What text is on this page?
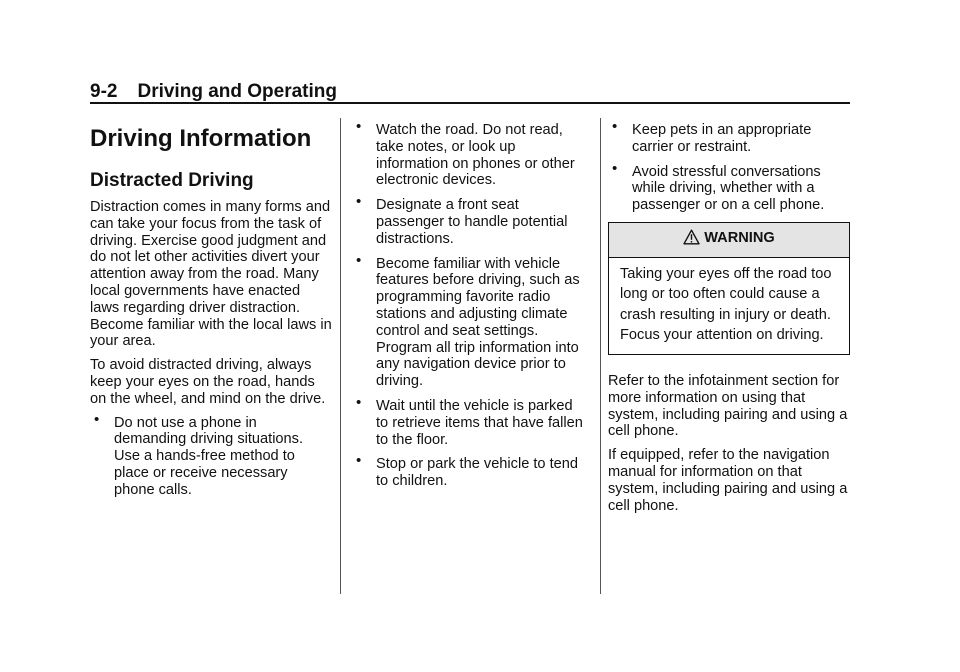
9-2 Driving and Operating
Driving Information
Distracted Driving

Distraction comes in many forms and can take your focus from the task of driving. Exercise good judgment and do not let other activities divert your attention away from the road. Many local governments have enacted laws regarding driver distraction. Become familiar with the local laws in your area.

To avoid distracted driving, always keep your eyes on the road, hands on the wheel, and mind on the drive.

• Do not use a phone in demanding driving situations. Use a hands-free method to place or receive necessary phone calls.
• Watch the road. Do not read, take notes, or look up information on phones or other electronic devices.
• Designate a front seat passenger to handle potential distractions.
• Become familiar with vehicle features before driving, such as programming favorite radio stations and adjusting climate control and seat settings. Program all trip information into any navigation device prior to driving.
• Wait until the vehicle is parked to retrieve items that have fallen to the floor.
• Stop or park the vehicle to tend to children.
• Keep pets in an appropriate carrier or restraint.
• Avoid stressful conversations while driving, whether with a passenger or on a cell phone.
WARNING
Taking your eyes off the road too long or too often could cause a crash resulting in injury or death. Focus your attention on driving.

Refer to the infotainment section for more information on using that system, including pairing and using a cell phone.

If equipped, refer to the navigation manual for information on that system, including pairing and using a cell phone.
